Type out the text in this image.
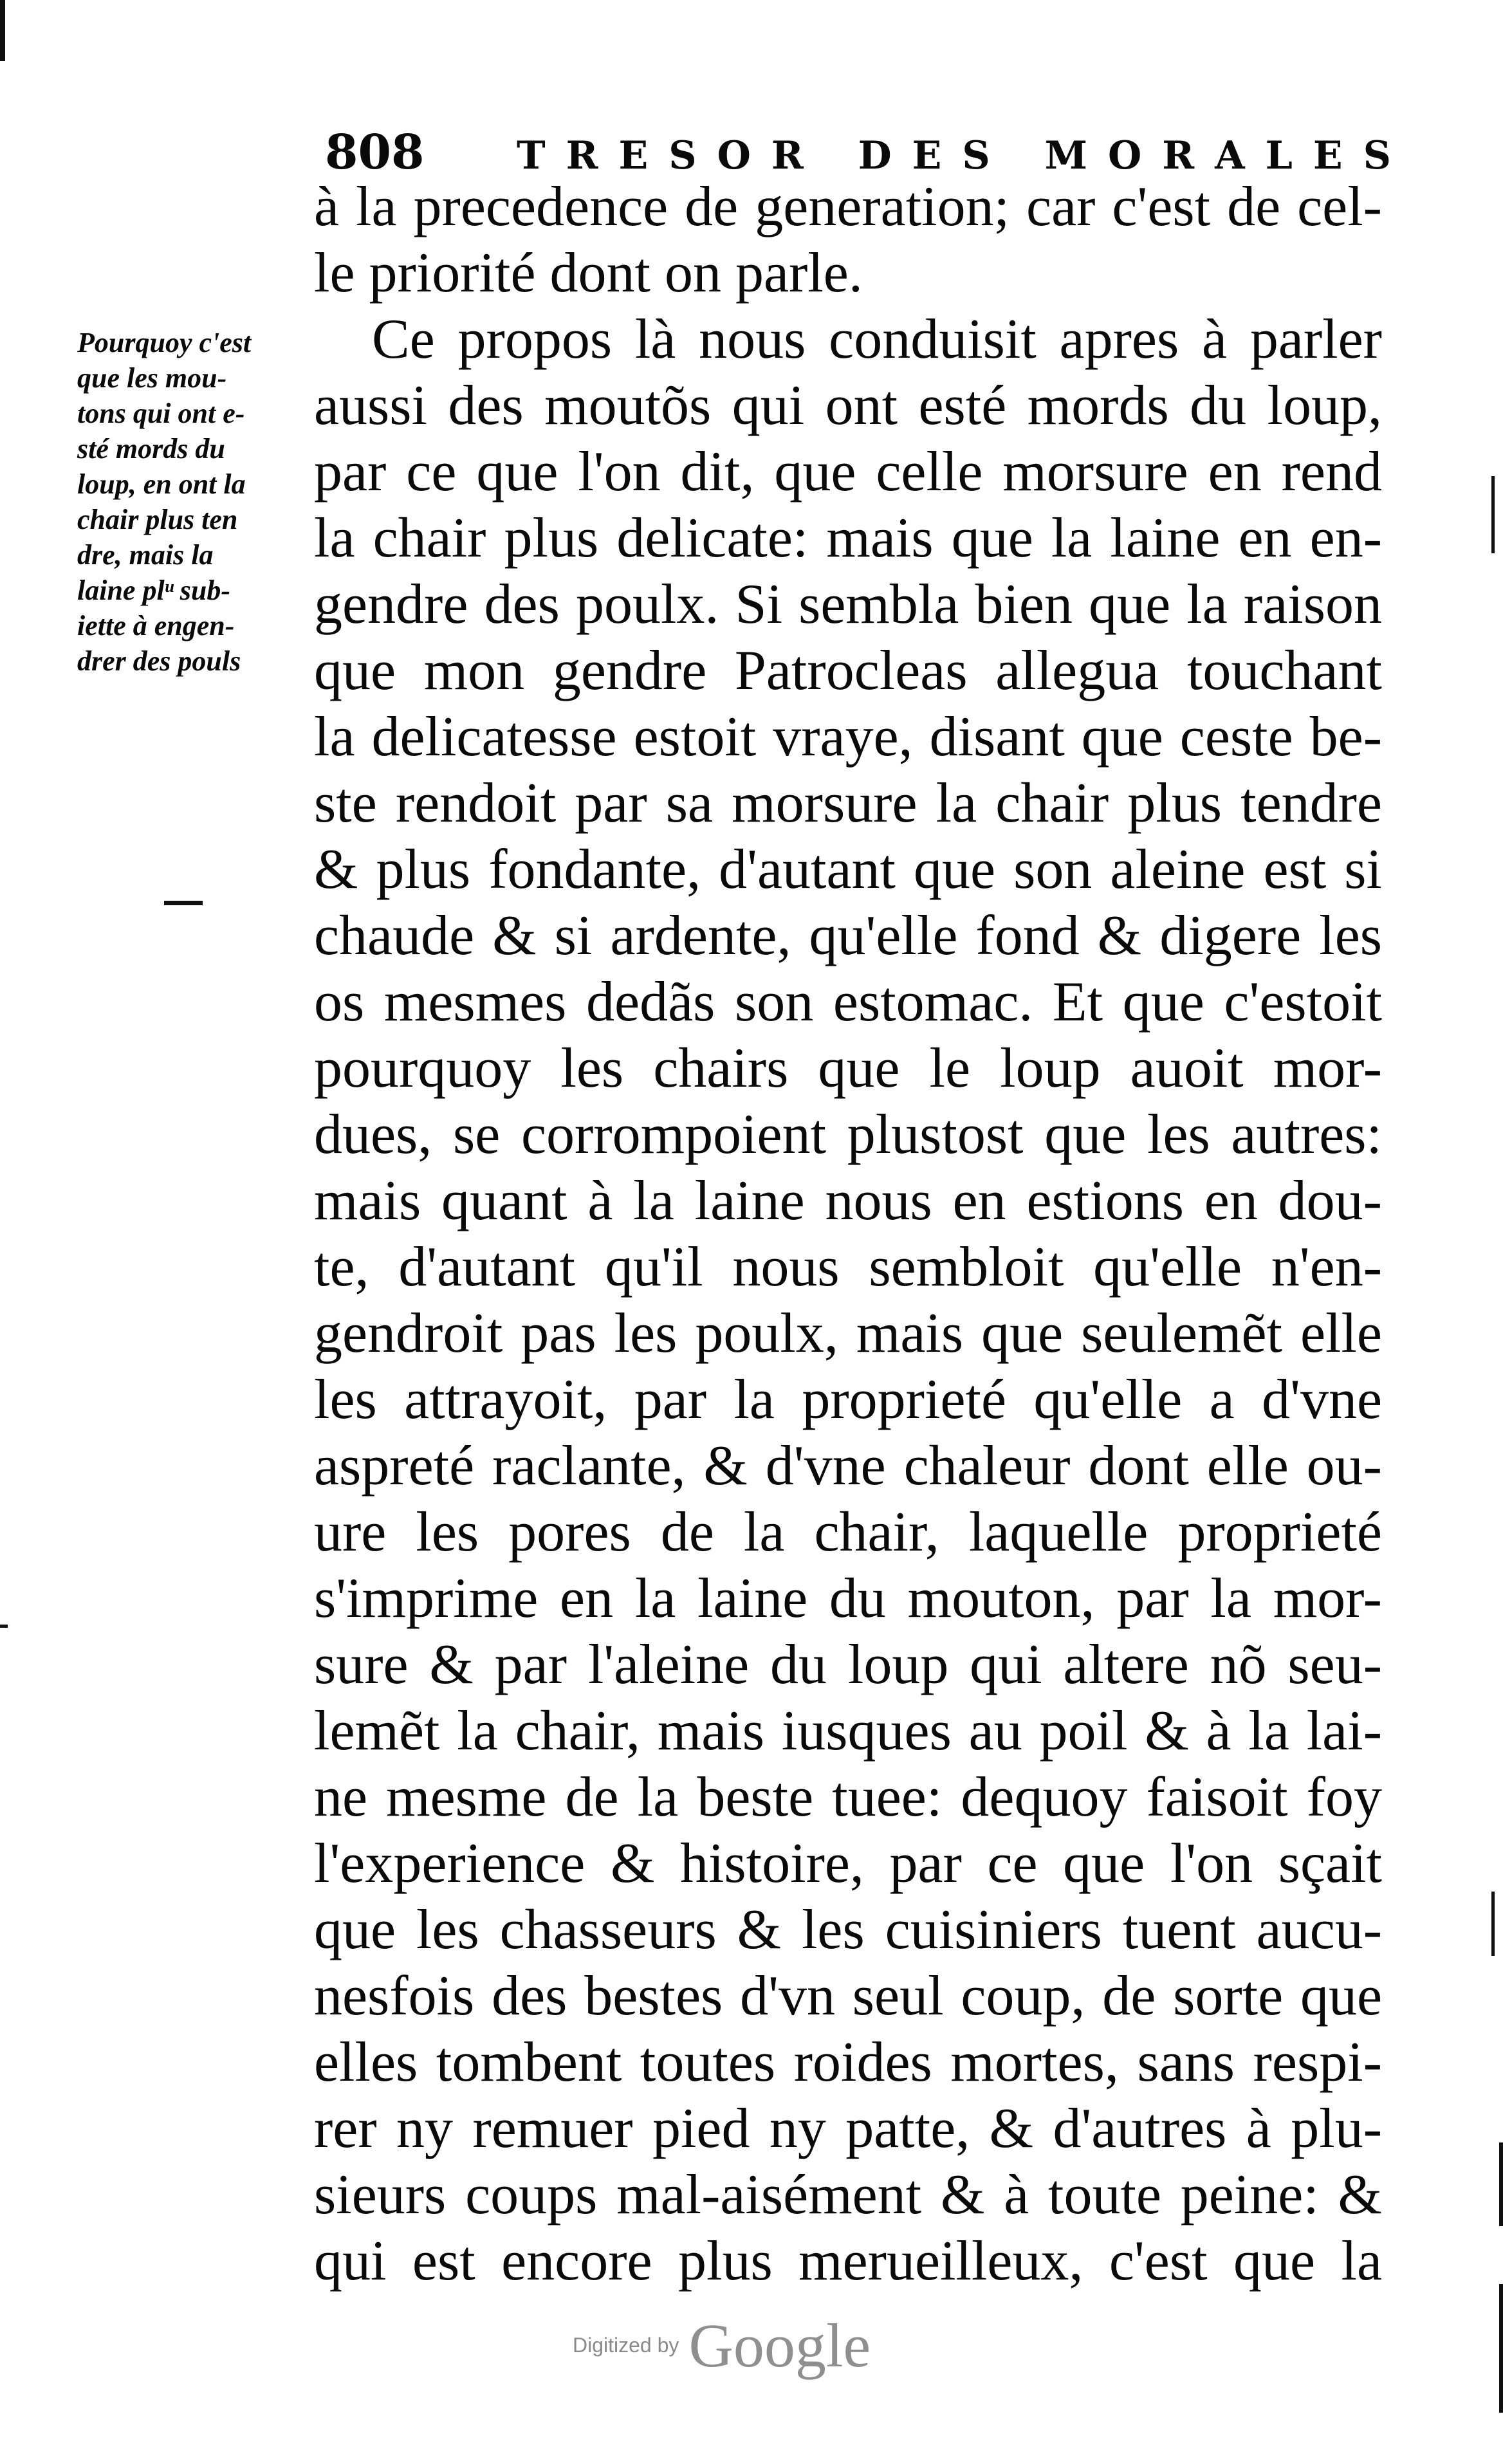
808 TRESOR DES MORALES
Pourquoy c'est
que les mou-
tons qui ont e-
sté mords du
loup, en ont la
chair plus ten
dre, mais la
laine plᵘ sub-
iette à engen-
drer des pouls
à la precedence de generation; car c'est de cel-
le priorité dont on parle.
Ce propos là nous conduisit apres à parler
aussi des moutõs qui ont esté mords du loup,
par ce que l'on dit, que celle morsure en rend
la chair plus delicate: mais que la laine en en-
gendre des poulx. Si sembla bien que la raison
que mon gendre Patrocleas allegua touchant
la delicatesse estoit vraye, disant que ceste be-
ste rendoit par sa morsure la chair plus tendre
& plus fondante, d'autant que son aleine est si
chaude & si ardente, qu'elle fond & digere les
os mesmes dedãs son estomac. Et que c'estoit
pourquoy les chairs que le loup auoit mor-
dues, se corrompoient plustost que les autres:
mais quant à la laine nous en estions en dou-
te, d'autant qu'il nous sembloit qu'elle n'en-
gendroit pas les poulx, mais que seulemẽt elle
les attrayoit, par la proprieté qu'elle a d'vne
aspreté raclante, & d'vne chaleur dont elle ou-
ure les pores de la chair, laquelle proprieté
s'imprime en la laine du mouton, par la mor-
sure & par l'aleine du loup qui altere nõ seu-
lemẽt la chair, mais iusques au poil & à la lai-
ne mesme de la beste tuee: dequoy faisoit foy
l'experience & histoire, par ce que l'on sçait
que les chasseurs & les cuisiniers tuent aucu-
nesfois des bestes d'vn seul coup, de sorte que
elles tombent toutes roides mortes, sans respi-
rer ny remuer pied ny patte, & d'autres à plu-
sieurs coups mal-aisément & à toute peine: &
qui est encore plus merueilleux, c'est que la
Digitized by Google
